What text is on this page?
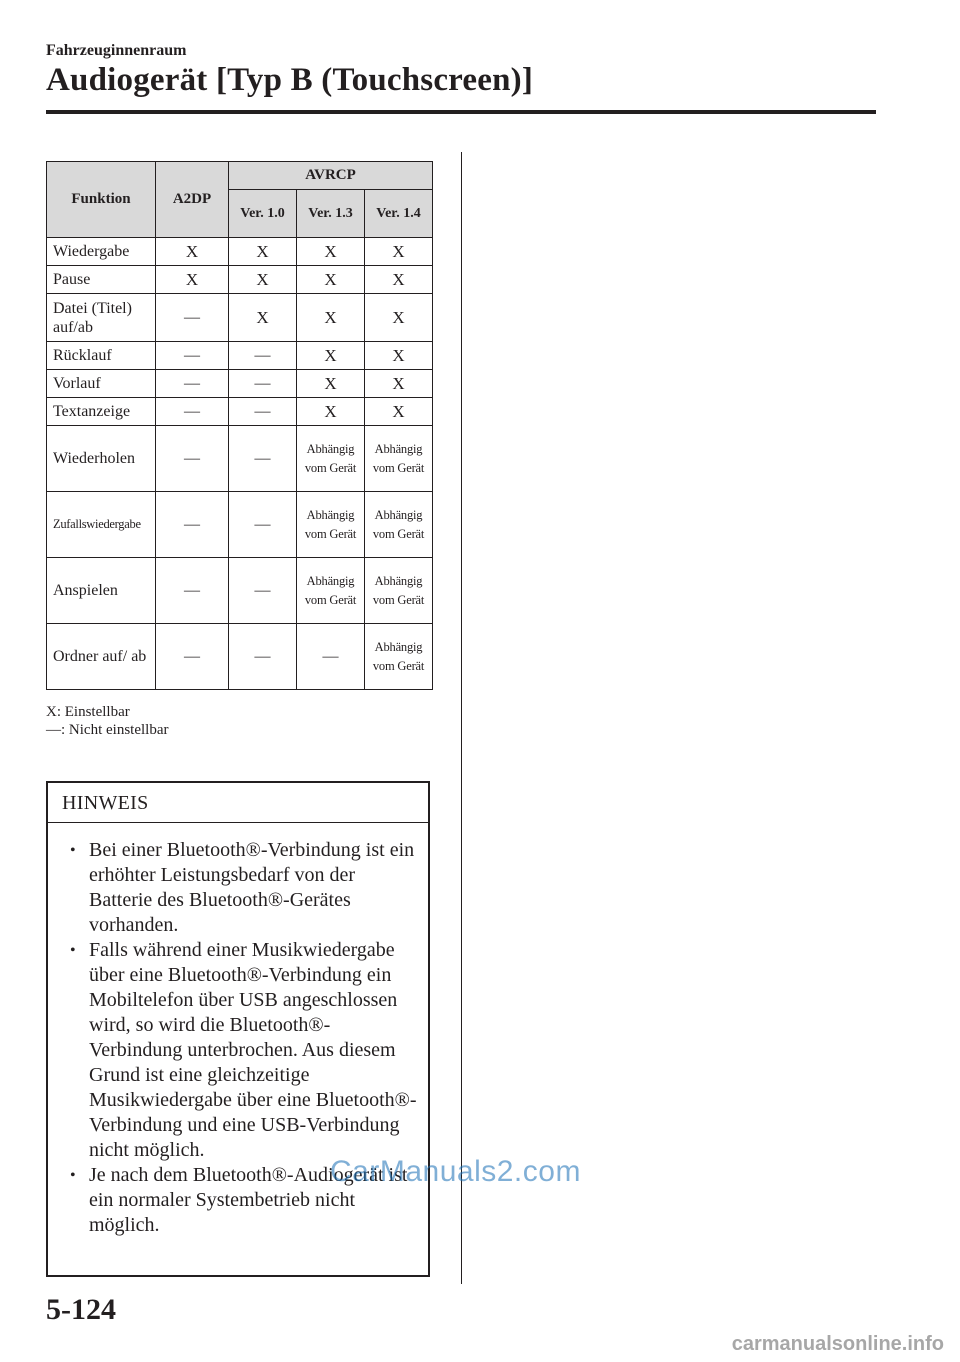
Fahrzeuginnenraum
Audiogerät [Typ B (Touchscreen)]
Funktion	A2DP	AVRCP		
		Ver. 1.0	Ver. 1.3	Ver. 1.4
Wiedergabe	X	X	X	X
Pause	X	X	X	X
Datei (Titel) auf/ab	—	X	X	X
Rücklauf	—	—	X	X
Vorlauf	—	—	X	X
Textanzeige	—	—	X	X
Wiederholen	—	—	Abhängig vom Gerät	Abhängig vom Gerät
Zufallswiedergabe	—	—	Abhängig vom Gerät	Abhängig vom Gerät
Anspielen	—	—	Abhängig vom Gerät	Abhängig vom Gerät
Ordner auf/ ab	—	—	—	Abhängig vom Gerät
X: Einstellbar
—: Nicht einstellbar
HINWEIS
• Bei einer Bluetooth®-Verbindung ist ein erhöhter Leistungsbedarf von der Batterie des Bluetooth®-Gerätes vorhanden.
• Falls während einer Musikwiedergabe über eine Bluetooth®-Verbindung ein Mobiltelefon über USB angeschlossen wird, so wird die Bluetooth®-Verbindung unterbrochen. Aus diesem Grund ist eine gleichzeitige Musikwiedergabe über eine Bluetooth®-Verbindung und eine USB-Verbindung nicht möglich.
• Je nach dem Bluetooth®-Audiogerät ist ein normaler Systembetrieb nicht möglich.
CarManuals2.com
5-124
carmanualsonline.info
